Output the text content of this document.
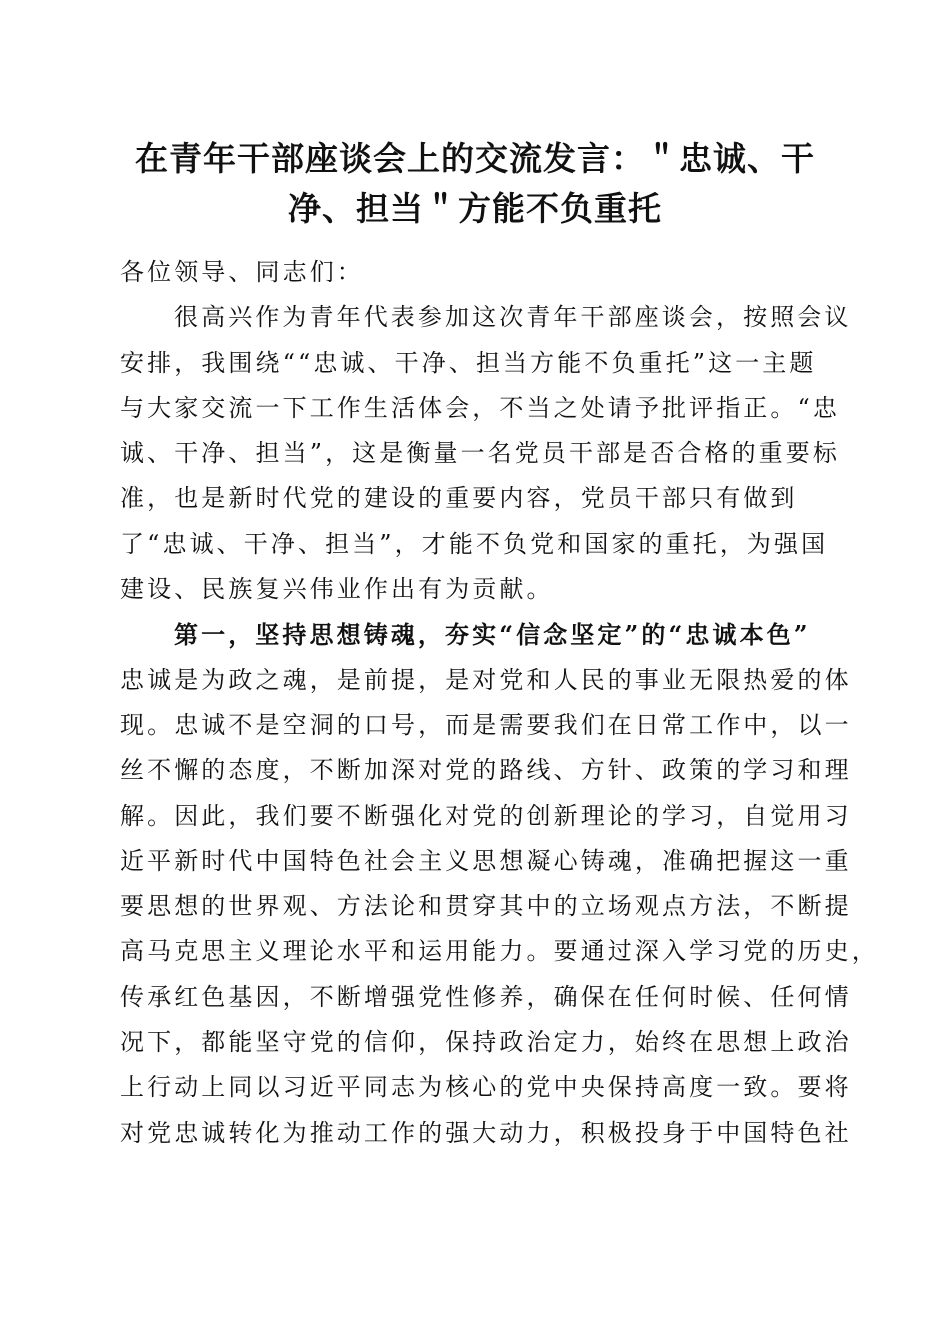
在青年干部座谈会上的交流发言：＂忠诚、干
净、担当＂方能不负重托
各位领导、同志们：
很高兴作为青年代表参加这次青年干部座谈会，按照会议
安排，我围绕““忠诚、干净、担当方能不负重托”这一主题
与大家交流一下工作生活体会，不当之处请予批评指正。“忠
诚、干净、担当”，这是衡量一名党员干部是否合格的重要标
准，也是新时代党的建设的重要内容，党员干部只有做到
了“忠诚、干净、担当”，才能不负党和国家的重托，为强国
建设、民族复兴伟业作出有为贡献。
第一，坚持思想铸魂，夯实“信念坚定”的“忠诚本色”
忠诚是为政之魂，是前提，是对党和人民的事业无限热爱的体
现。忠诚不是空洞的口号，而是需要我们在日常工作中，以一
丝不懈的态度，不断加深对党的路线、方针、政策的学习和理
解。因此，我们要不断强化对党的创新理论的学习，自觉用习
近平新时代中国特色社会主义思想凝心铸魂，准确把握这一重
要思想的世界观、方法论和贯穿其中的立场观点方法，不断提
高马克思主义理论水平和运用能力。要通过深入学习党的历史，
传承红色基因，不断增强党性修养，确保在任何时候、任何情
况下，都能坚守党的信仰，保持政治定力，始终在思想上政治
上行动上同以习近平同志为核心的党中央保持高度一致。要将
对党忠诚转化为推动工作的强大动力，积极投身于中国特色社
